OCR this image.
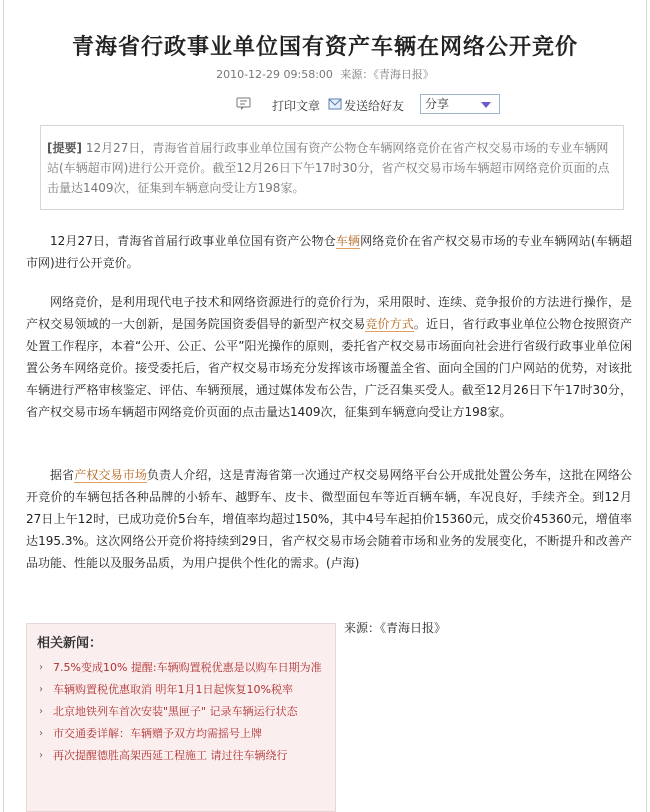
青海省行政事业单位国有资产车辆在网络公开竞价
2010-12-29 09:58:00 来源：《青海日报》
打印文章 发送给好友	分享
[提要] 12月27日，青海省首届行政事业单位国有资产公物仓车辆网络竞价在省产权交易市场的专业车辆网站(车辆超市网)进行公开竞价。截至12月26日下午17时30分，省产权交易市场车辆超市网络竞价页面的点击量达1409次，征集到车辆意向受让方198家。

12月27日，青海省首届行政事业单位国有资产公物仓车辆网络竞价在省产权交易市场的专业车辆网站(车辆超市网)进行公开竞价。

网络竞价，是利用现代电子技术和网络资源进行的竞价行为，采用限时、连续、竞争报价的方法进行操作，是产权交易领域的一大创新，是国务院国资委倡导的新型产权交易竞价方式。近日，省行政事业单位公物仓按照资产处置工作程序，本着“公开、公正、公平”阳光操作的原则，委托省产权交易市场面向社会进行省级行政事业单位闲置公务车网络竞价。接受委托后，省产权交易市场充分发挥该市场覆盖全省、面向全国的门户网站的优势，对该批车辆进行严格审核鉴定、评估、车辆预展，通过媒体发布公告，广泛召集买受人。截至12月26日下午17时30分，省产权交易市场车辆超市网络竞价页面的点击量达1409次，征集到车辆意向受让方198家。

据省产权交易市场负责人介绍，这是青海省第一次通过产权交易网络平台公开成批处置公务车，这批在网络公开竞价的车辆包括各种品牌的小轿车、越野车、皮卡、微型面包车等近百辆车辆，车况良好，手续齐全。到12月27日上午12时，已成功竞价5台车，增值率均超过150%，其中4号车起拍价15360元，成交价45360元，增值率达195.3%。这次网络公开竞价将持续到29日，省产权交易市场会随着市场和业务的发展变化，不断提升和改善产品功能、性能以及服务品质，为用户提供个性化的需求。(卢海)

来源：《青海日报》
相关新闻：
› 7.5%变成10% 提醒:车辆购置税优惠是以购车日期为准
› 车辆购置税优惠取消 明年1月1日起恢复10%税率
› 北京地铁列车首次安装"黑匣子" 记录车辆运行状态
› 市交通委详解：车辆赠予双方均需摇号上牌
› 再次提醒德胜高架西延工程施工 请过往车辆绕行
